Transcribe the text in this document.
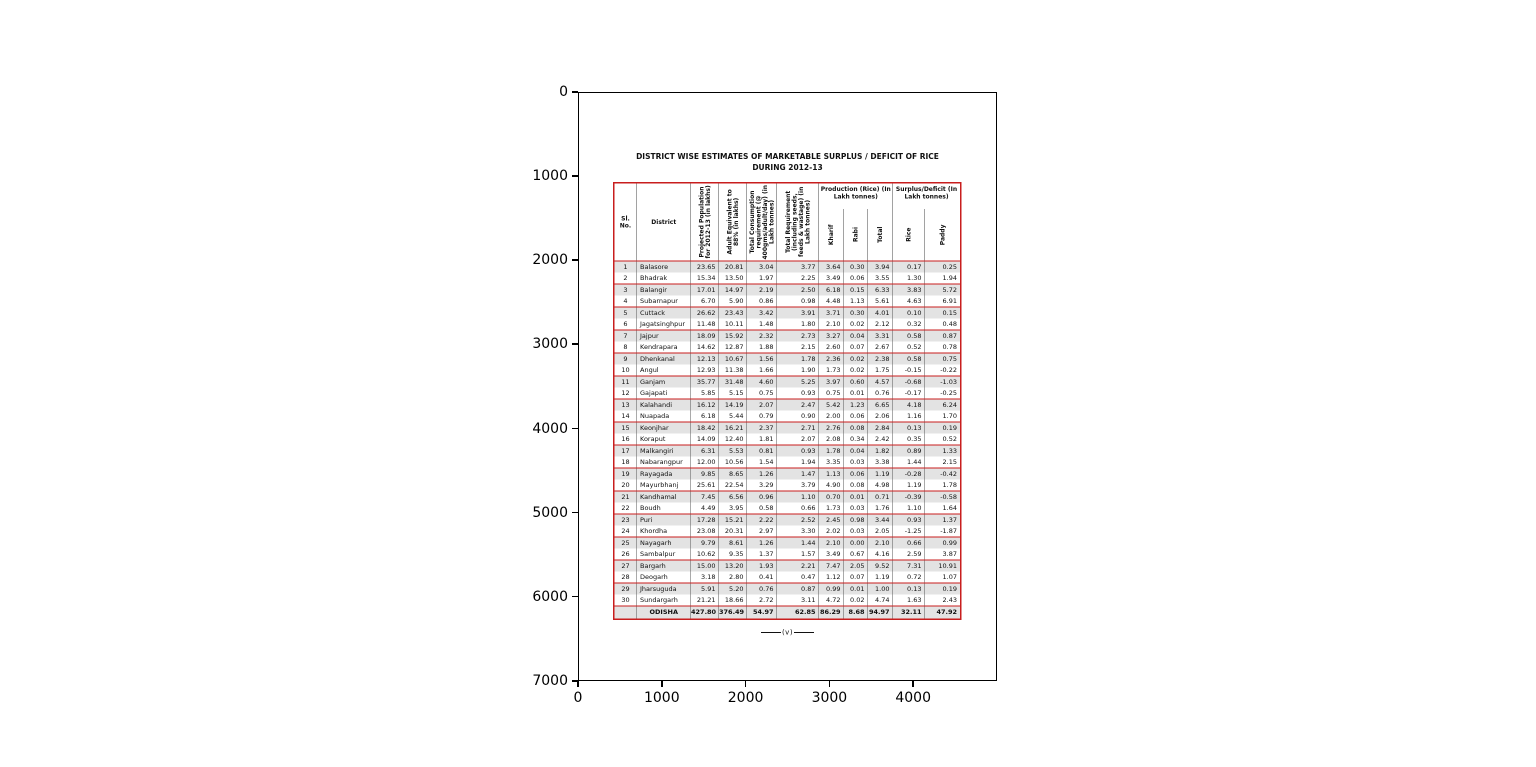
0
1000
2000
3000
4000
5000
6000
7000
0	1000	2000	3000	4000
DISTRICT WISE ESTIMATES OF MARKETABLE SURPLUS / DEFICIT OF RICE
DURING 2012-13
Sl. No.	District	Projected Population for 2012-13 (in lakhs)	Adult Equivalent to 88% (in lakhs)	Total Consumption requirement (@ 400gms/adult/day) (in Lakh tonnes)	Total Requirement (including seeds, feeds & wastage) (in Lakh tonnes)	Production (Rice) (In Lakh tonnes)			Surplus/Deficit (In Lakh tonnes)	

						Kharif	Rabi	Total	Rice	Paddy

1	Balasore	23.65	20.81	3.04	3.77	3.64	0.30	3.94	0.17	0.25
2	Bhadrak	15.34	13.50	1.97	2.25	3.49	0.06	3.55	1.30	1.94
3	Balangir	17.01	14.97	2.19	2.50	6.18	0.15	6.33	3.83	5.72
4	Subarnapur	6.70	5.90	0.86	0.98	4.48	1.13	5.61	4.63	6.91
5	Cuttack	26.62	23.43	3.42	3.91	3.71	0.30	4.01	0.10	0.15
6	Jagatsinghpur	11.48	10.11	1.48	1.80	2.10	0.02	2.12	0.32	0.48
7	Jajpur	18.09	15.92	2.32	2.73	3.27	0.04	3.31	0.58	0.87
8	Kendrapara	14.62	12.87	1.88	2.15	2.60	0.07	2.67	0.52	0.78
9	Dhenkanal	12.13	10.67	1.56	1.78	2.36	0.02	2.38	0.58	0.75
10	Angul	12.93	11.38	1.66	1.90	1.73	0.02	1.75	-0.15	-0.22
11	Ganjam	35.77	31.48	4.60	5.25	3.97	0.60	4.57	-0.68	-1.03
12	Gajapati	5.85	5.15	0.75	0.93	0.75	0.01	0.76	-0.17	-0.25
13	Kalahandi	16.12	14.19	2.07	2.47	5.42	1.23	6.65	4.18	6.24
14	Nuapada	6.18	5.44	0.79	0.90	2.00	0.06	2.06	1.16	1.70
15	Keonjhar	18.42	16.21	2.37	2.71	2.76	0.08	2.84	0.13	0.19
16	Koraput	14.09	12.40	1.81	2.07	2.08	0.34	2.42	0.35	0.52
17	Malkangiri	6.31	5.53	0.81	0.93	1.78	0.04	1.82	0.89	1.33
18	Nabarangpur	12.00	10.56	1.54	1.94	3.35	0.03	3.38	1.44	2.15
19	Rayagada	9.85	8.65	1.26	1.47	1.13	0.06	1.19	-0.28	-0.42
20	Mayurbhanj	25.61	22.54	3.29	3.79	4.90	0.08	4.98	1.19	1.78
21	Kandhamal	7.45	6.56	0.96	1.10	0.70	0.01	0.71	-0.39	-0.58
22	Boudh	4.49	3.95	0.58	0.66	1.73	0.03	1.76	1.10	1.64
23	Puri	17.28	15.21	2.22	2.52	2.45	0.98	3.44	0.93	1.37
24	Khordha	23.08	20.31	2.97	3.30	2.02	0.03	2.05	-1.25	-1.87
25	Nayagarh	9.79	8.61	1.26	1.44	2.10	0.00	2.10	0.66	0.99
26	Sambalpur	10.62	9.35	1.37	1.57	3.49	0.67	4.16	2.59	3.87
27	Bargarh	15.00	13.20	1.93	2.21	7.47	2.05	9.52	7.31	10.91
28	Deogarh	3.18	2.80	0.41	0.47	1.12	0.07	1.19	0.72	1.07
29	Jharsuguda	5.91	5.20	0.76	0.87	0.99	0.01	1.00	0.13	0.19
30	Sundargarh	21.21	18.66	2.72	3.11	4.72	0.02	4.74	1.63	2.43
	ODISHA	427.80	376.49	54.97	62.85	86.29	8.68	94.97	32.11	47.92
(v)
